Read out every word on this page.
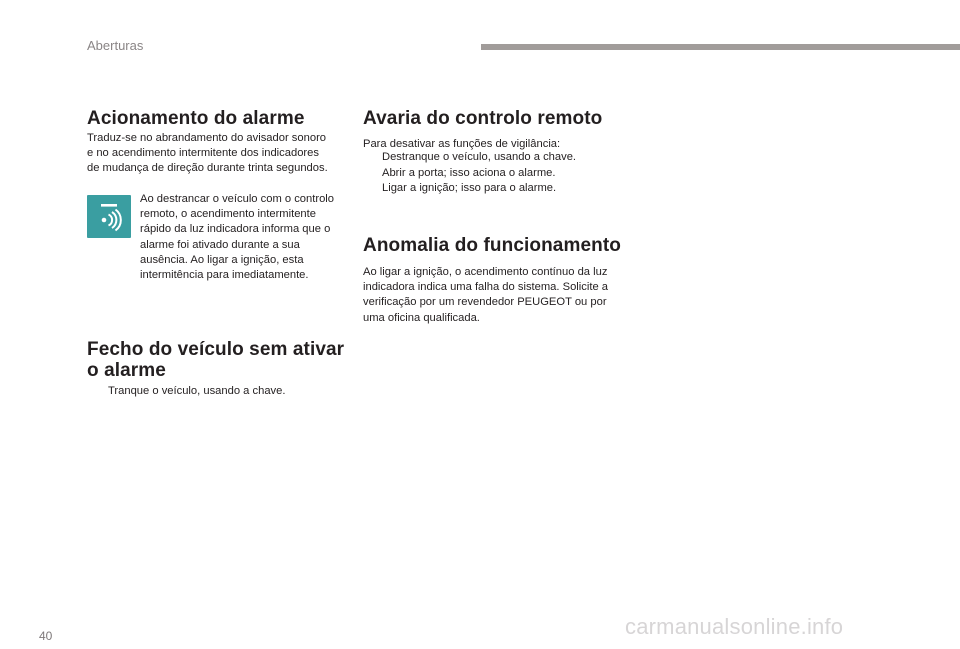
Aberturas
Acionamento do alarme

Traduz-se no abrandamento do avisador sonoro e no acendimento intermitente dos indicadores de mudança de direção durante trinta segundos.

Ao destrancar o veículo com o controlo remoto, o acendimento intermitente rápido da luz indicadora informa que o alarme foi ativado durante a sua ausência. Ao ligar a ignição, esta intermitência para imediatamente.

Fecho do veículo sem ativar o alarme
Tranque o veículo, usando a chave.
Avaria do controlo remoto

Para desativar as funções de vigilância:

Destranque o veículo, usando a chave.
Abrir a porta; isso aciona o alarme.
Ligar a ignição; isso para o alarme.
Anomalia do funcionamento

Ao ligar a ignição, o acendimento contínuo da luz indicadora indica uma falha do sistema. Solicite a verificação por um revendedor PEUGEOT ou por uma oficina qualificada.

40	carmanualsonline.info
